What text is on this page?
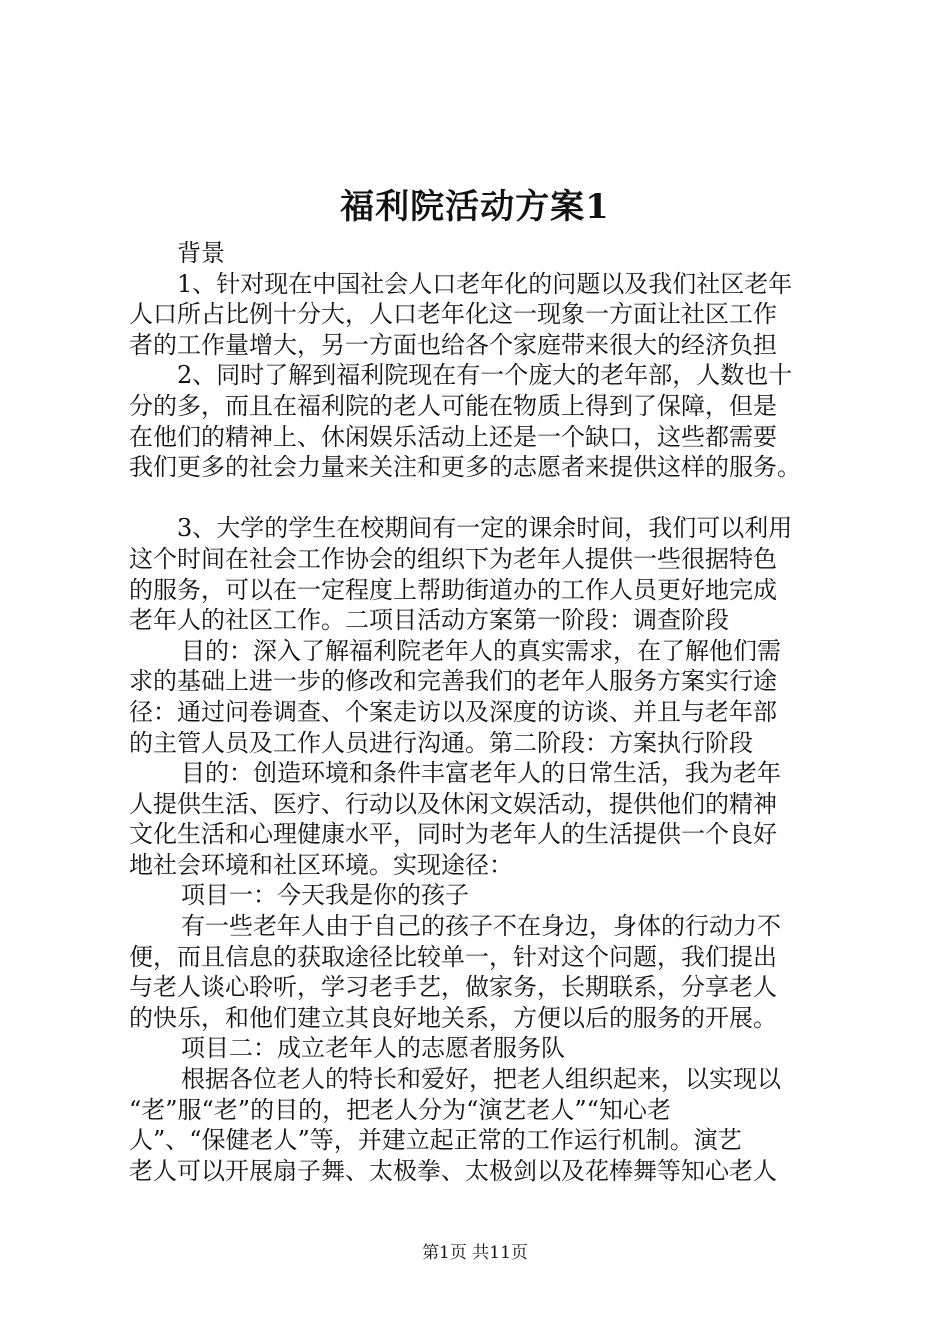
福利院活动方案1
背景
1、针对现在中国社会人口老年化的问题以及我们社区老年
人口所占比例十分大，人口老年化这一现象一方面让社区工作
者的工作量增大，另一方面也给各个家庭带来很大的经济负担
2、同时了解到福利院现在有一个庞大的老年部，人数也十
分的多，而且在福利院的老人可能在物质上得到了保障，但是
在他们的精神上、休闲娱乐活动上还是一个缺口，这些都需要
我们更多的社会力量来关注和更多的志愿者来提供这样的服务。
3、大学的学生在校期间有一定的课余时间，我们可以利用
这个时间在社会工作协会的组织下为老年人提供一些很据特色
的服务，可以在一定程度上帮助街道办的工作人员更好地完成
老年人的社区工作。二项目活动方案第一阶段：调查阶段
目的：深入了解福利院老年人的真实需求，在了解他们需
求的基础上进一步的修改和完善我们的老年人服务方案实行途
径：通过问卷调查、个案走访以及深度的访谈、并且与老年部
的主管人员及工作人员进行沟通。第二阶段：方案执行阶段
目的：创造环境和条件丰富老年人的日常生活，我为老年
人提供生活、医疗、行动以及休闲文娱活动，提供他们的精神
文化生活和心理健康水平，同时为老年人的生活提供一个良好
地社会环境和社区环境。实现途径：
项目一：今天我是你的孩子
有一些老年人由于自己的孩子不在身边，身体的行动力不
便，而且信息的获取途径比较单一，针对这个问题，我们提出
与老人谈心聆听，学习老手艺，做家务，长期联系，分享老人
的快乐，和他们建立其良好地关系，方便以后的服务的开展。
项目二：成立老年人的志愿者服务队
根据各位老人的特长和爱好，把老人组织起来，以实现以
“老”服“老”的目的，把老人分为“演艺老人”“知心老
人”、“保健老人”等，并建立起正常的工作运行机制。演艺
老人可以开展扇子舞、太极拳、太极剑以及花棒舞等知心老人
第1页 共11页
